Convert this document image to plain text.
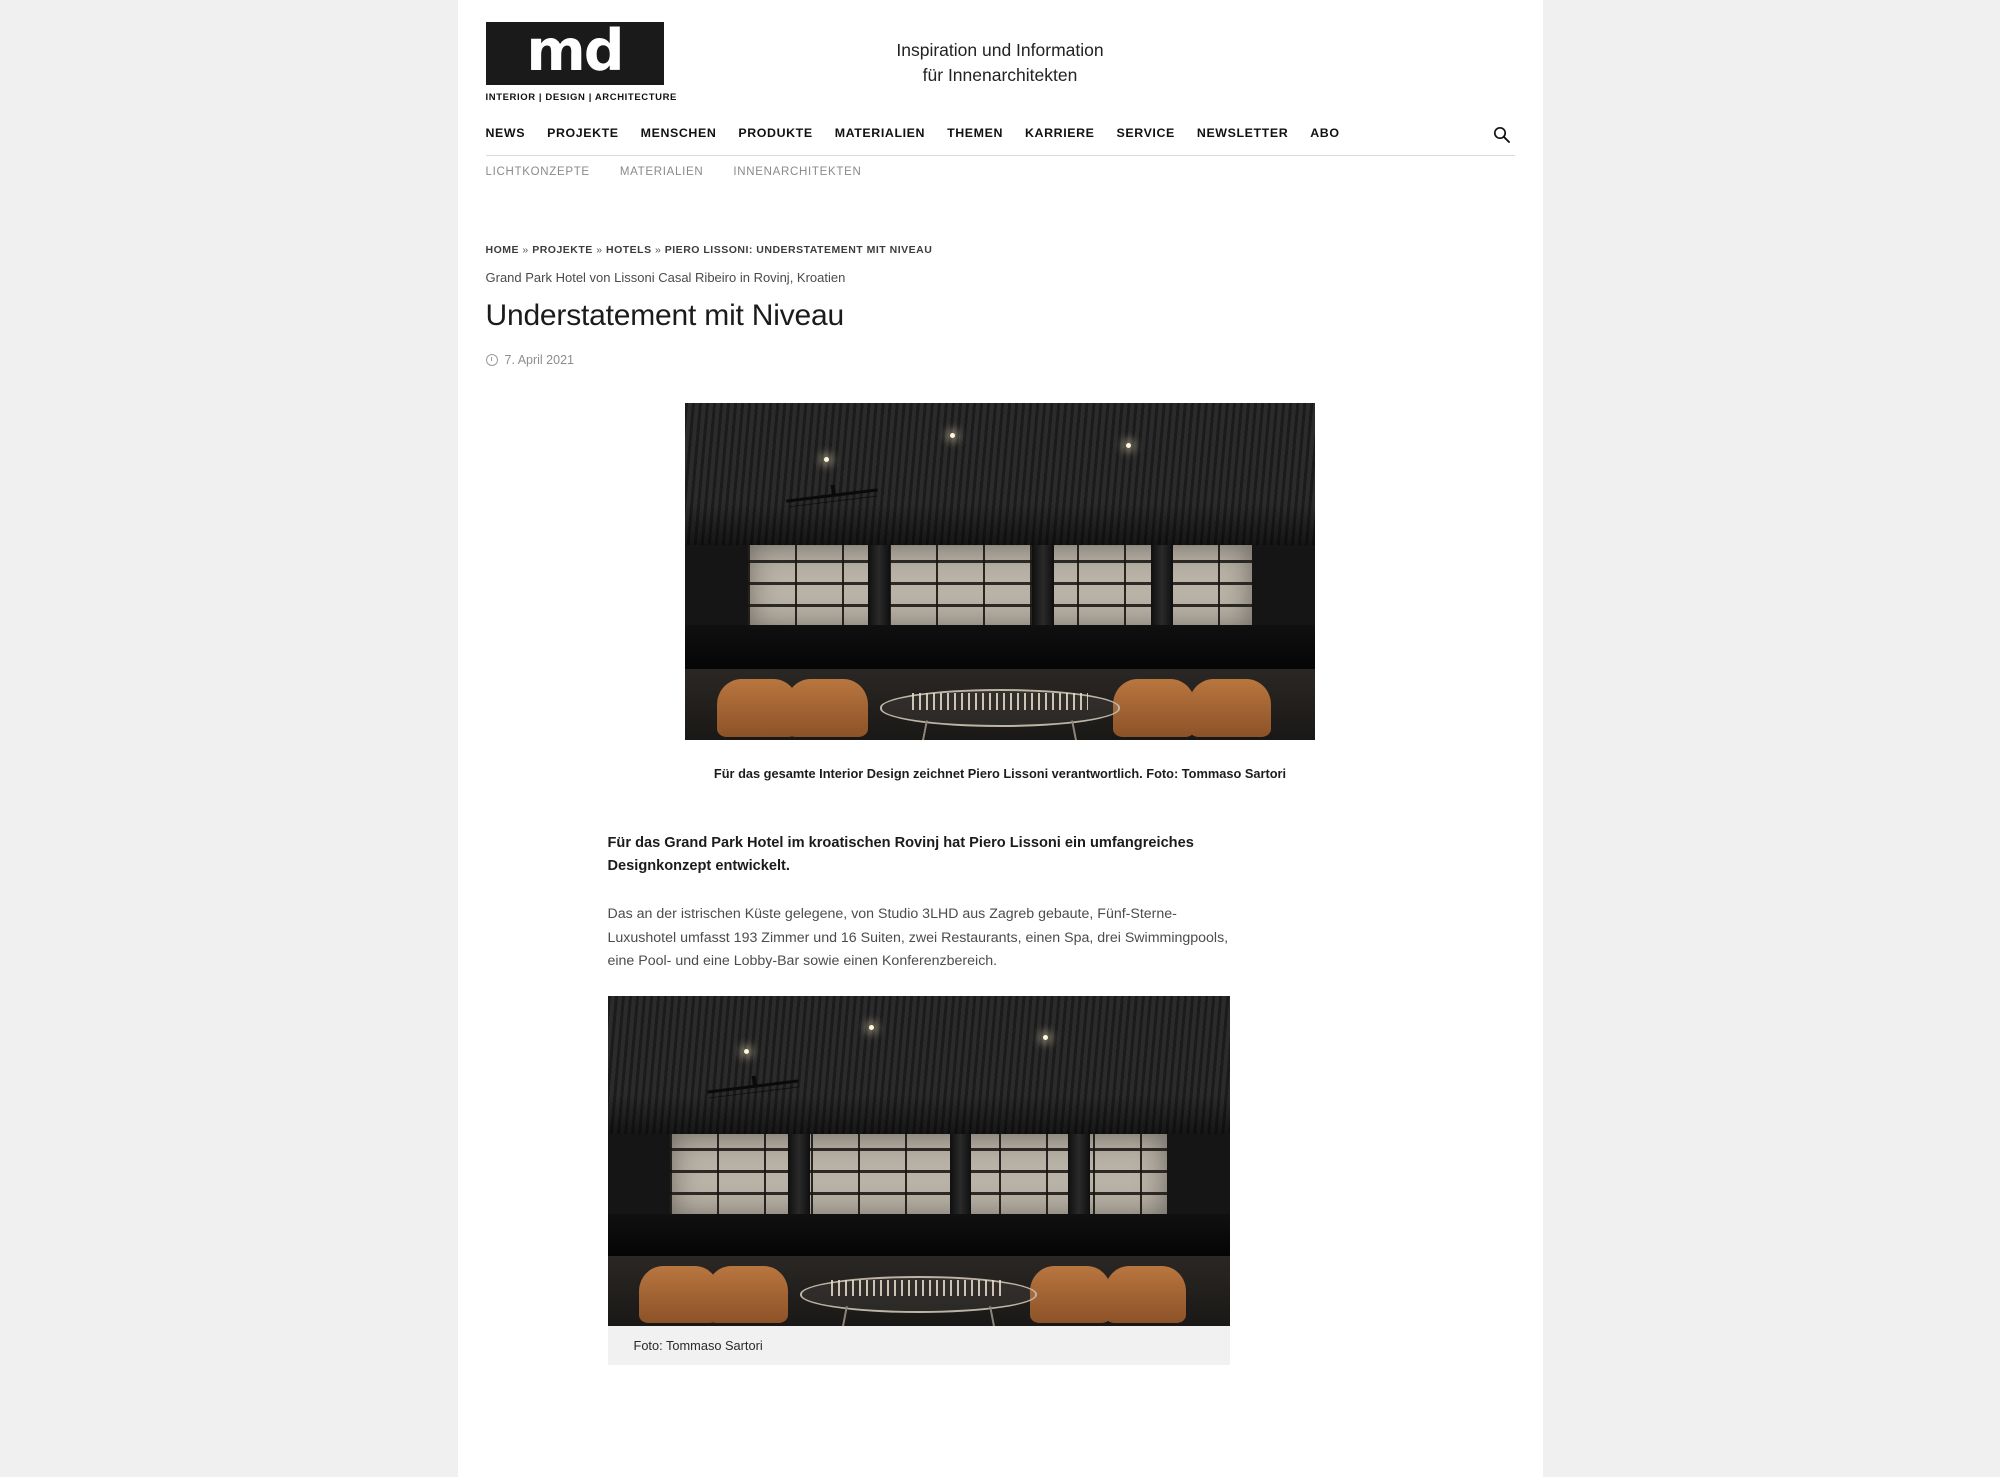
md
INTERIOR | DESIGN | ARCHITECTURE
Inspiration und Information
für Innenarchitekten
NEWS	PROJEKTE	MENSCHEN	PRODUKTE	MATERIALIEN	THEMEN	KARRIERE	SERVICE	NEWSLETTER	ABO
LICHTKONZEPTE	MATERIALIEN	INNENARCHITEKTEN
HOME » PROJEKTE » HOTELS » PIERO LISSONI: UNDERSTATEMENT MIT NIVEAU
Grand Park Hotel von Lissoni Casal Ribeiro in Rovinj, Kroatien
Understatement mit Niveau
7. April 2021
Für das gesamte Interior Design zeichnet Piero Lissoni verantwortlich. Foto: Tommaso Sartori

Für das Grand Park Hotel im kroatischen Rovinj hat Piero Lissoni ein umfangreiches Designkonzept entwickelt.

Das an der istrischen Küste gelegene, von Studio 3LHD aus Zagreb gebaute, Fünf-Sterne-Luxushotel umfasst 193 Zimmer und 16 Suiten, zwei Restaurants, einen Spa, drei Swimmingpools, eine Pool- und eine Lobby-Bar sowie einen Konferenzbereich.

Foto: Tommaso Sartori
